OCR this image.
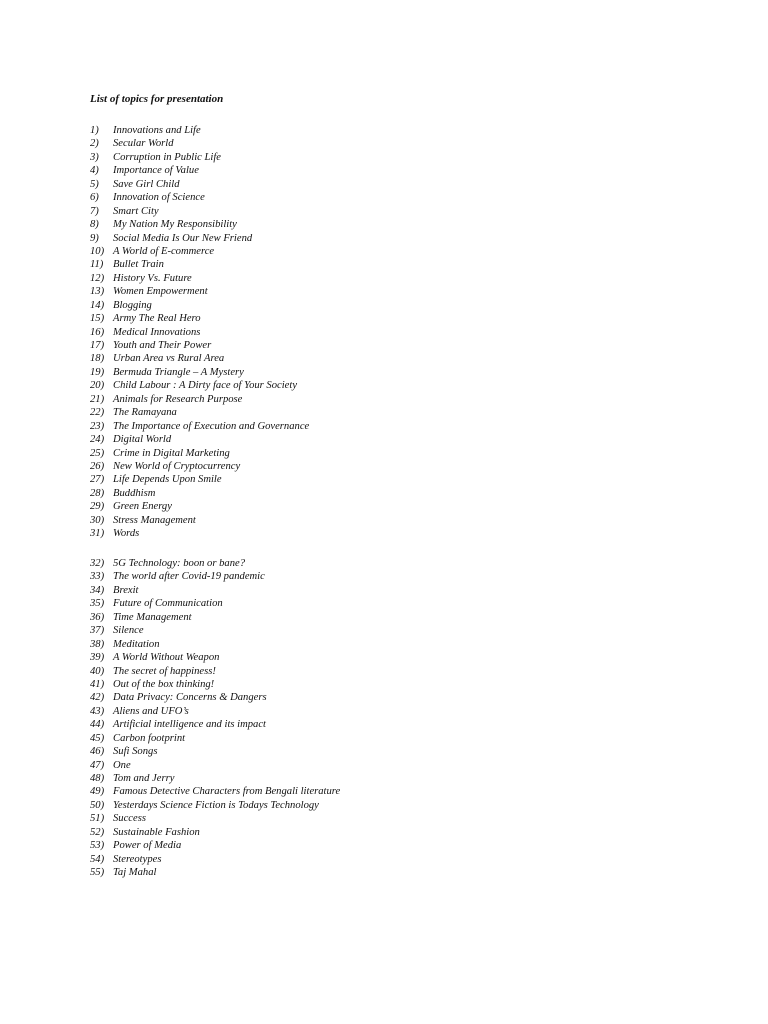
List of topics for presentation
1) Innovations and Life
2) Secular World
3) Corruption in Public Life
4) Importance of Value
5) Save Girl Child
6) Innovation of Science
7) Smart City
8) My Nation My Responsibility
9) Social Media Is Our New Friend
10) A World of E-commerce
11) Bullet Train
12) History Vs. Future
13) Women Empowerment
14) Blogging
15) Army The Real Hero
16) Medical Innovations
17) Youth and Their Power
18) Urban Area vs Rural Area
19) Bermuda Triangle – A Mystery
20) Child Labour : A Dirty face of Your Society
21) Animals for Research Purpose
22) The Ramayana
23) The Importance of Execution and Governance
24) Digital World
25) Crime in Digital Marketing
26) New World of Cryptocurrency
27) Life Depends Upon Smile
28) Buddhism
29) Green Energy
30) Stress Management
31) Words
32) 5G Technology: boon or bane?
33) The world after Covid-19 pandemic
34) Brexit
35) Future of Communication
36) Time Management
37) Silence
38) Meditation
39) A World Without Weapon
40) The secret of happiness!
41) Out of the box thinking!
42) Data Privacy: Concerns & Dangers
43) Aliens and UFO’s
44) Artificial intelligence and its impact
45) Carbon footprint
46) Sufi Songs
47) One
48) Tom and Jerry
49) Famous Detective Characters from Bengali literature
50) Yesterdays Science Fiction is Todays Technology
51) Success
52) Sustainable Fashion
53) Power of Media
54) Stereotypes
55) Taj Mahal
